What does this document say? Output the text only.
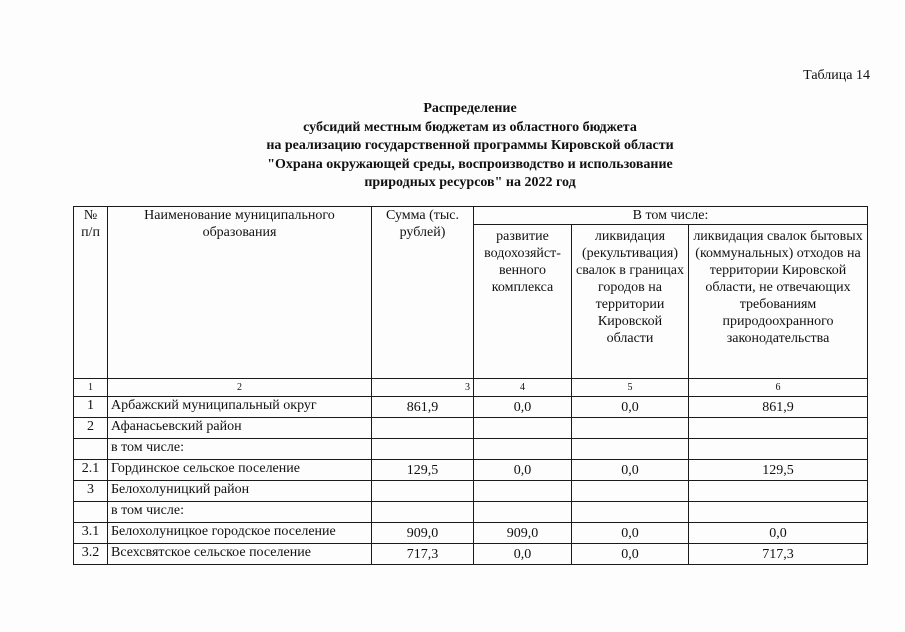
Таблица 14
Распределение
субсидий местным бюджетам из областного бюджета
на реализацию государственной программы Кировской области
"Охрана окружающей среды, воспроизводство и использование
природных ресурсов" на 2022 год
№ п/п	Наименование муниципального образования	Сумма (тыс. рублей)	В том числе:		
			развитие водохозяйст-венного комплекса	ликвидация (рекультивация) свалок в границах городов на территории Кировской области	ликвидация свалок бытовых (коммунальных) отходов на территории Кировской области, не отвечающих требованиям природоохранного законодательства
1	2	3	4	5	6
1	Арбажский муниципальный округ	861,9	0,0	0,0	861,9
2	Афанасьевский район				
	в том числе:				
2.1	Гординское сельское поселение	129,5	0,0	0,0	129,5
3	Белохолуницкий район				
	в том числе:				
3.1	Белохолуницкое городское поселение	909,0	909,0	0,0	0,0
3.2	Всехсвятское сельское поселение	717,3	0,0	0,0	717,3
